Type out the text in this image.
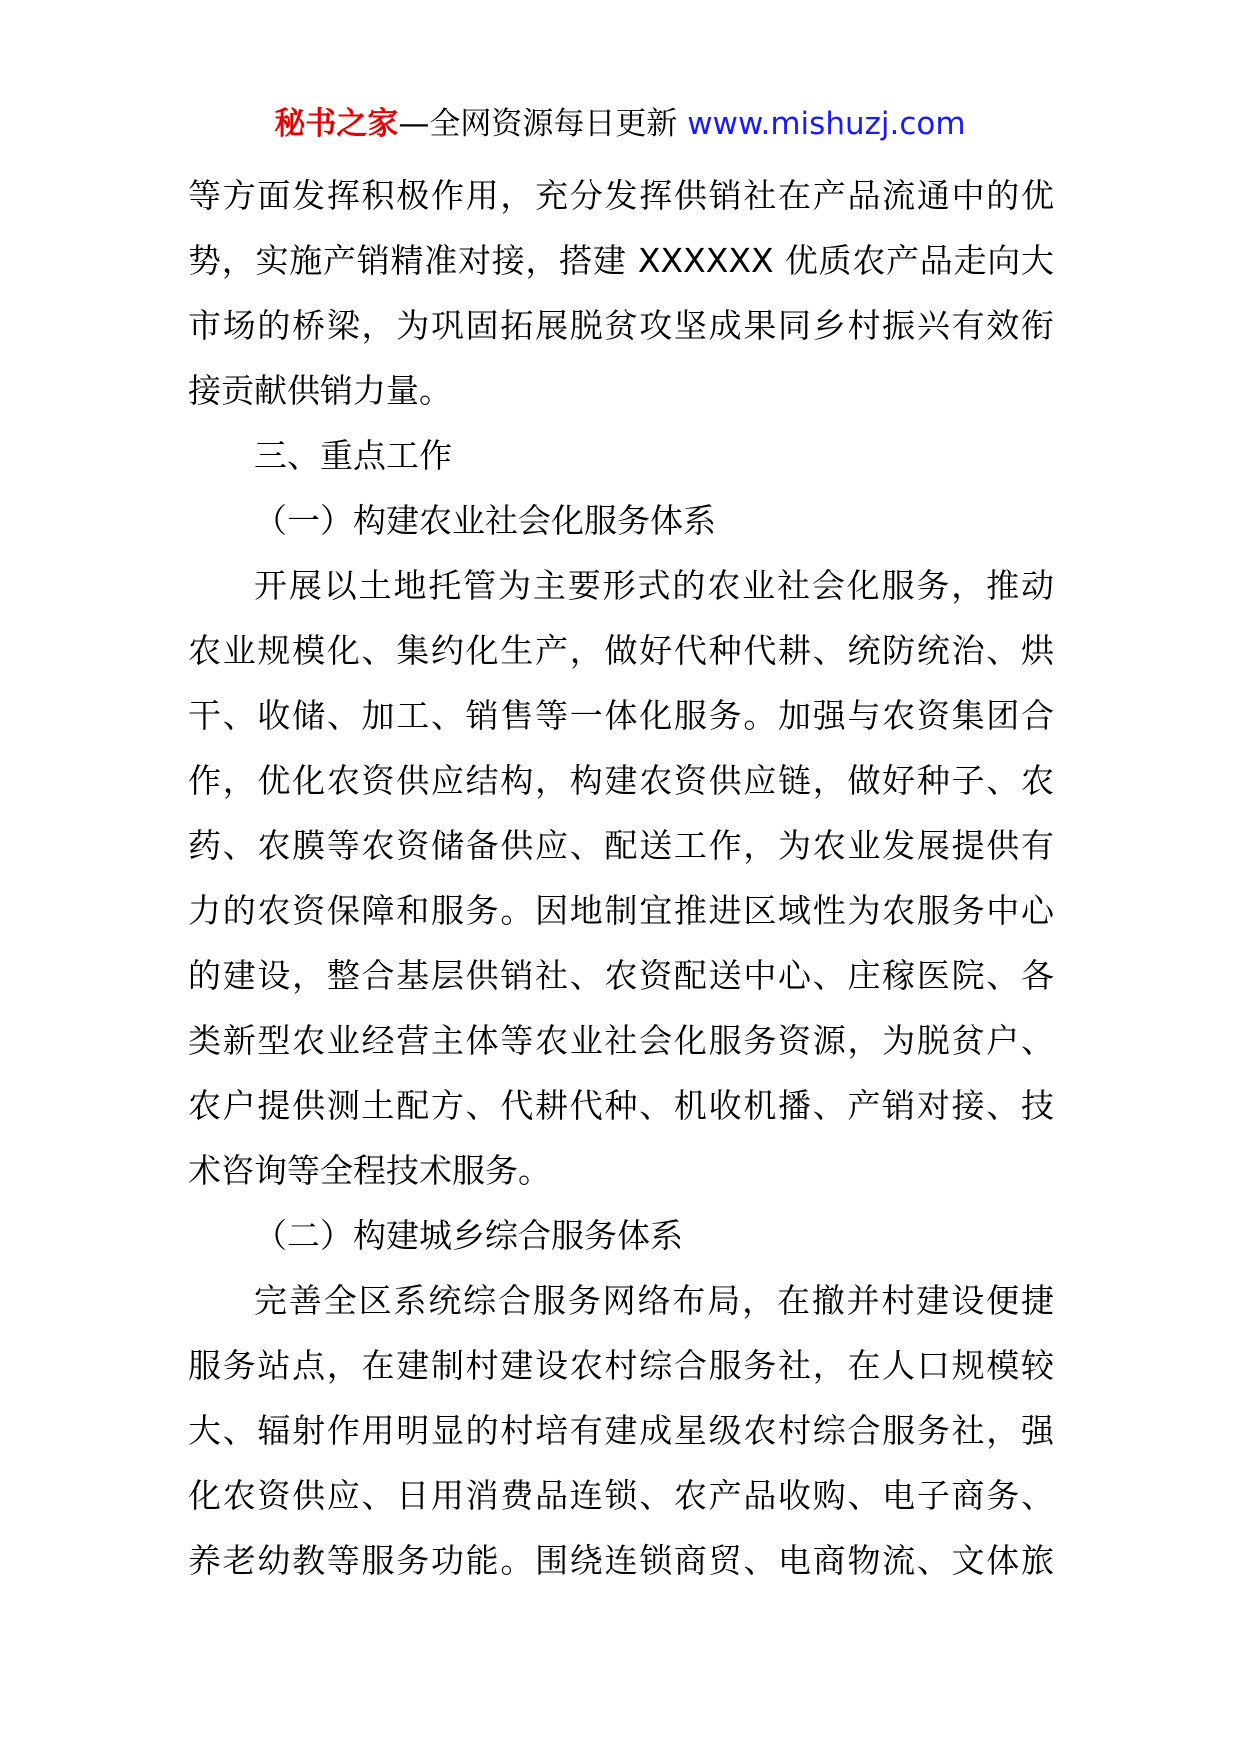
秘书之家—全网资源每日更新 www.mishuzj.com
等方面发挥积极作用，充分发挥供销社在产品流通中的优
势，实施产销精准对接，搭建 XXXXXX 优质农产品走向大
市场的桥梁，为巩固拓展脱贫攻坚成果同乡村振兴有效衔
接贡献供销力量。
三、重点工作
（一）构建农业社会化服务体系
开展以土地托管为主要形式的农业社会化服务，推动
农业规模化、集约化生产，做好代种代耕、统防统治、烘
干、收储、加工、销售等一体化服务。加强与农资集团合
作，优化农资供应结构，构建农资供应链，做好种子、农
药、农膜等农资储备供应、配送工作，为农业发展提供有
力的农资保障和服务。因地制宜推进区域性为农服务中心
的建设，整合基层供销社、农资配送中心、庄稼医院、各
类新型农业经营主体等农业社会化服务资源，为脱贫户、
农户提供测土配方、代耕代种、机收机播、产销对接、技
术咨询等全程技术服务。
（二）构建城乡综合服务体系
完善全区系统综合服务网络布局，在撤并村建设便捷
服务站点，在建制村建设农村综合服务社，在人口规模较
大、辐射作用明显的村培有建成星级农村综合服务社，强
化农资供应、日用消费品连锁、农产品收购、电子商务、
养老幼教等服务功能。围绕连锁商贸、电商物流、文体旅
